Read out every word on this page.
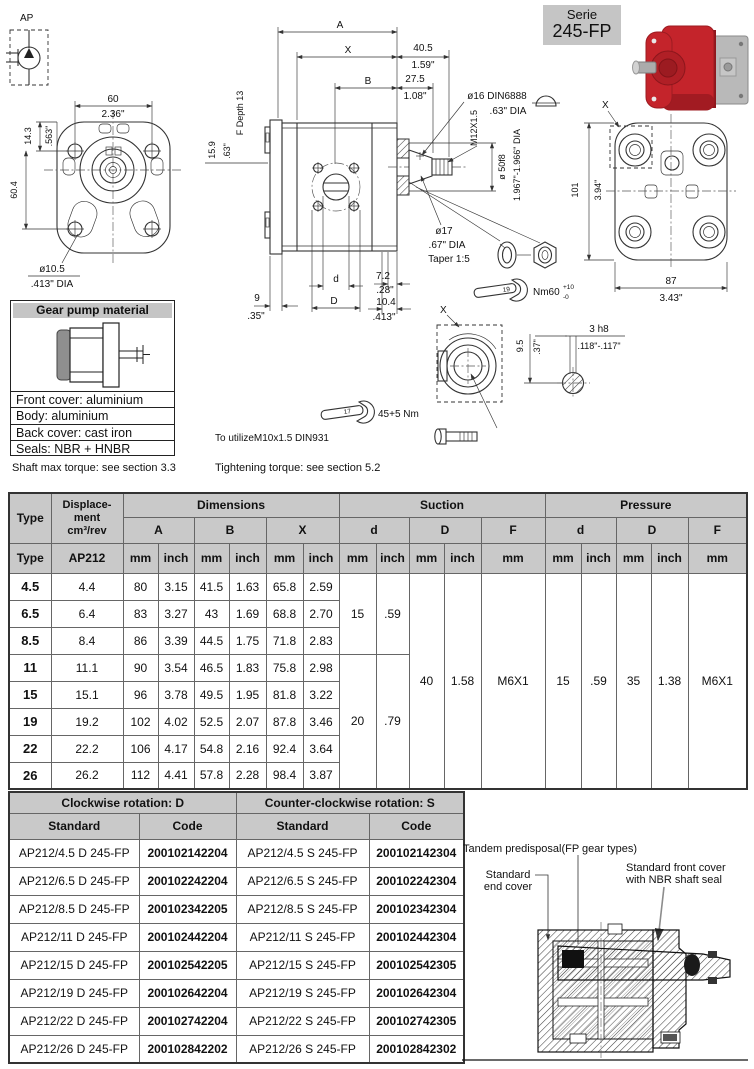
AP
60
2.36"
14.3 .563"
60.4
ø10.5
.413" DIA
A
X	40.5
1.59"
B	27.5
1.08"
15.9 .63"
F Depth 13	ø16 DIN6888
.63" DIA
M12X1.5
ø 50f8 1.967"-1.966" DIA
ø17
.67" DIA
Taper 1:5
9
.35"
d
D
7.2
.28"
10.4
.413"
19 Nm60 +10
-0
X
101 3.94"
87
3.43"
X
17	45+5 Nm
To utilizeM10x1.5 DIN931
3 h8
.118"-.117"
9.5 .37"
Serie
245-FP
Gear pump material
Front cover: aluminium
Body: aluminium
Back cover: cast iron
Seals: NBR + HNBR
Shaft max torque: see section 3.3	Tightening torque: see section 5.2
Type	Displace-
ment
cm³/rev	Dimensions						Suction					Pressure				
		A		B		X		d		D		F	d		D		F
Type	AP212	mm	inch	mm	inch	mm	inch	mm	inch	mm	inch	mm	mm	inch	mm	inch	mm
4.5	4.4	80	3.15	41.5	1.63	65.8	2.59	15	.59	40	1.58	M6X1	15	.59	35	1.38	M6X1
6.5	6.4	83	3.27	43	1.69	68.8	2.70										
8.5	8.4	86	3.39	44.5	1.75	71.8	2.83										
11	11.1	90	3.54	46.5	1.83	75.8	2.98	20	.79								
15	15.1	96	3.78	49.5	1.95	81.8	3.22										
19	19.2	102	4.02	52.5	2.07	87.8	3.46										
22	22.2	106	4.17	54.8	2.16	92.4	3.64										
26	26.2	112	4.41	57.8	2.28	98.4	3.87										
Clockwise rotation: D		Counter-clockwise rotation: S	
Standard	Code	Standard	Code
AP212/4.5 D 245-FP	200102142204	AP212/4.5 S 245-FP	200102142304
AP212/6.5 D 245-FP	200102242204	AP212/6.5 S 245-FP	200102242304
AP212/8.5 D 245-FP	200102342205	AP212/8.5 S 245-FP	200102342304
AP212/11 D 245-FP	200102442204	AP212/11 S 245-FP	200102442304
AP212/15 D 245-FP	200102542205	AP212/15 S 245-FP	200102542305
AP212/19 D 245-FP	200102642204	AP212/19 S 245-FP	200102642304
AP212/22 D 245-FP	200102742204	AP212/22 S 245-FP	200102742305
AP212/26 D 245-FP	200102842202	AP212/26 S 245-FP	200102842302
Tandem predisposal(FP gear types)
Standard
end cover
Standard front cover
with NBR shaft seal
